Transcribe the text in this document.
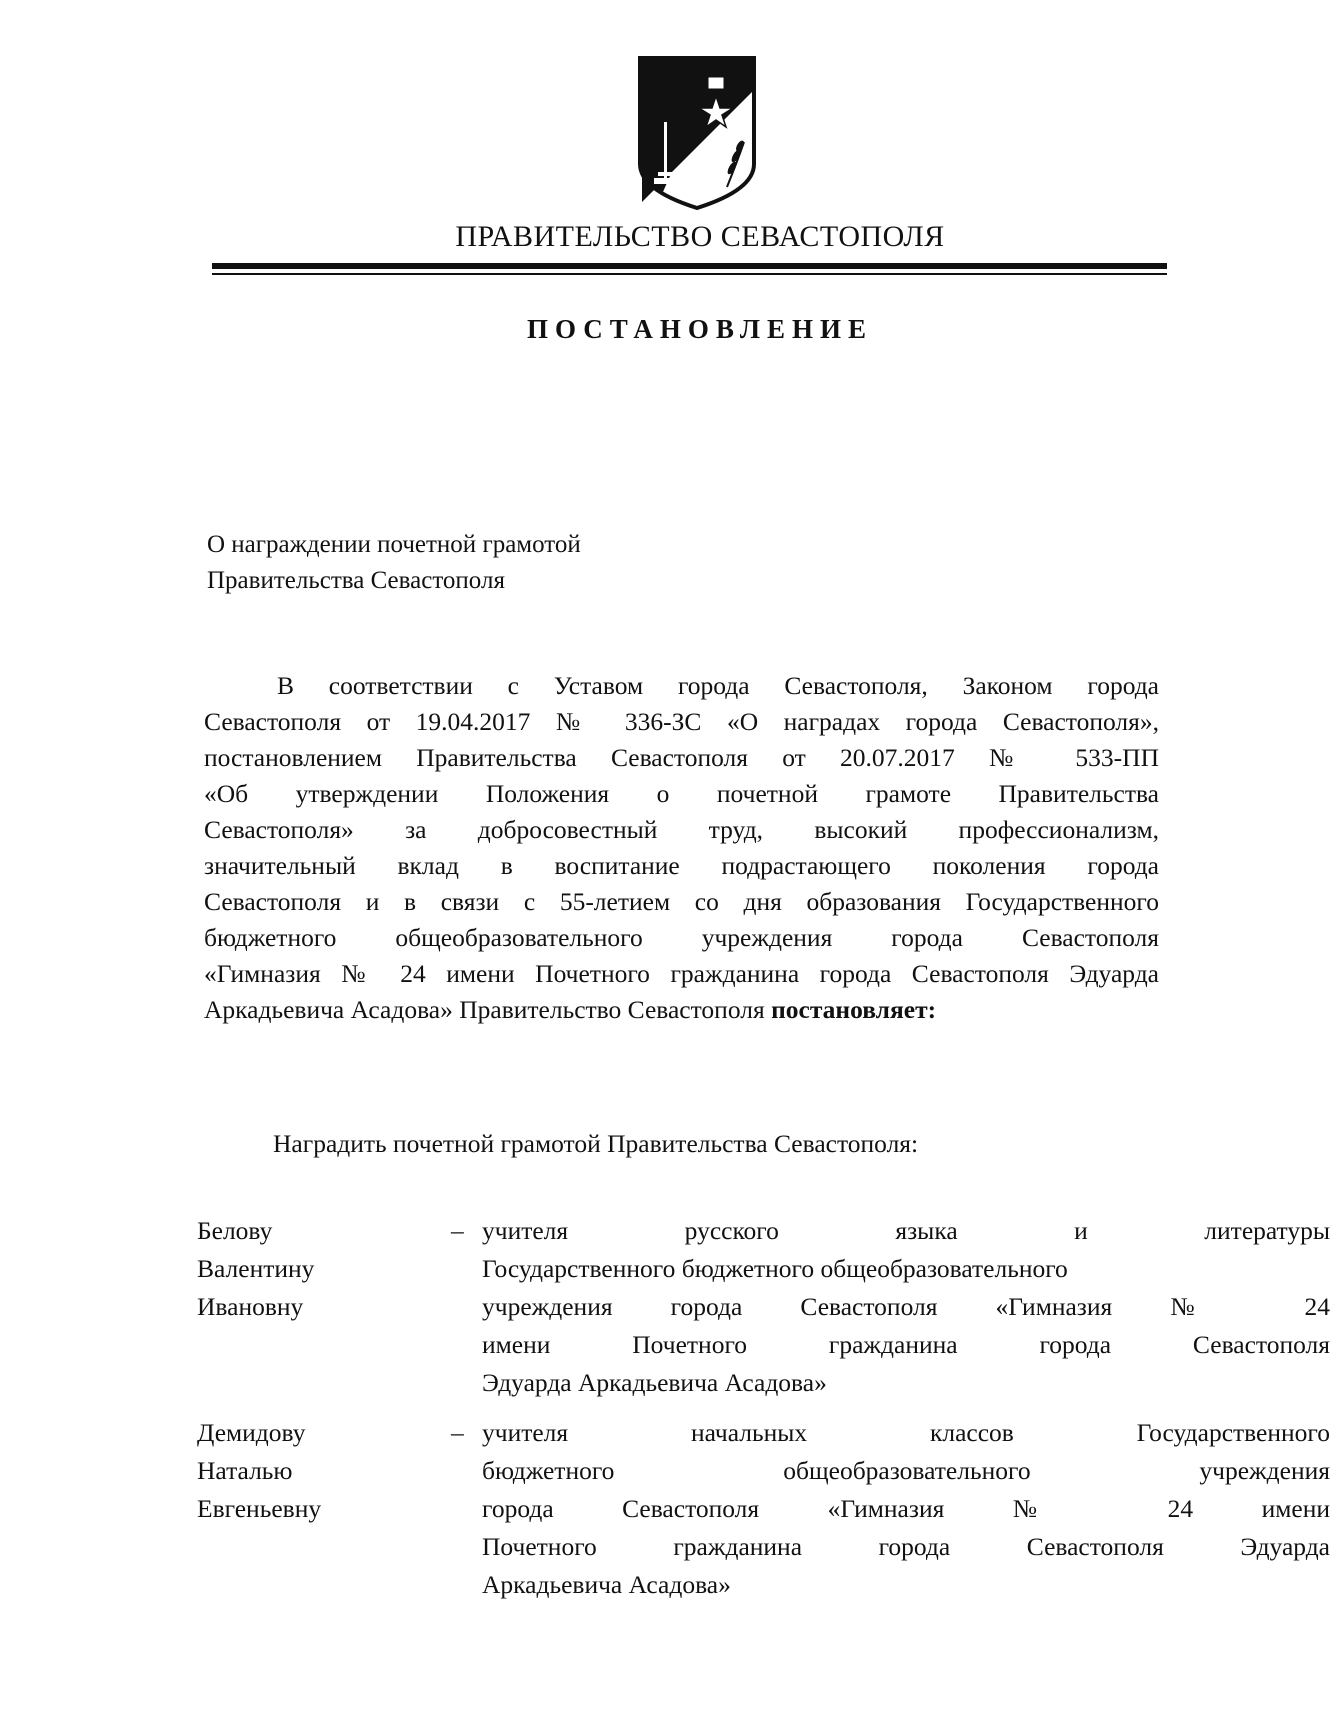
ПРАВИТЕЛЬСТВО СЕВАСТОПОЛЯ
ПОСТАНОВЛЕНИЕ
О награждении почетной грамотой
Правительства Севастополя
В соответствии с Уставом города Севастополя, Законом города
Севастополя от 19.04.2017 № 336-ЗС «О наградах города Севастополя»,
постановлением Правительства Севастополя от 20.07.2017 № 533-ПП
«Об утверждении Положения о почетной грамоте Правительства
Севастополя» за добросовестный труд, высокий профессионализм,
значительный вклад в воспитание подрастающего поколения города
Севастополя и в связи с 55-летием со дня образования Государственного
бюджетного общеобразовательного учреждения города Севастополя
«Гимназия № 24 имени Почетного гражданина города Севастополя Эдуарда
Аркадьевича Асадова» Правительство Севастополя постановляет:
Наградить почетной грамотой Правительства Севастополя:
Белову
Валентину
Ивановну
– учителя русского языка и литературы
Государственного бюджетного общеобразовательного
учреждения города Севастополя «Гимназия № 24
имени Почетного гражданина города Севастополя
Эдуарда Аркадьевича Асадова»
Демидову
Наталью
Евгеньевну
– учителя начальных классов Государственного
бюджетного общеобразовательного учреждения
города Севастополя «Гимназия № 24 имени
Почетного гражданина города Севастополя Эдуарда
Аркадьевича Асадова»
